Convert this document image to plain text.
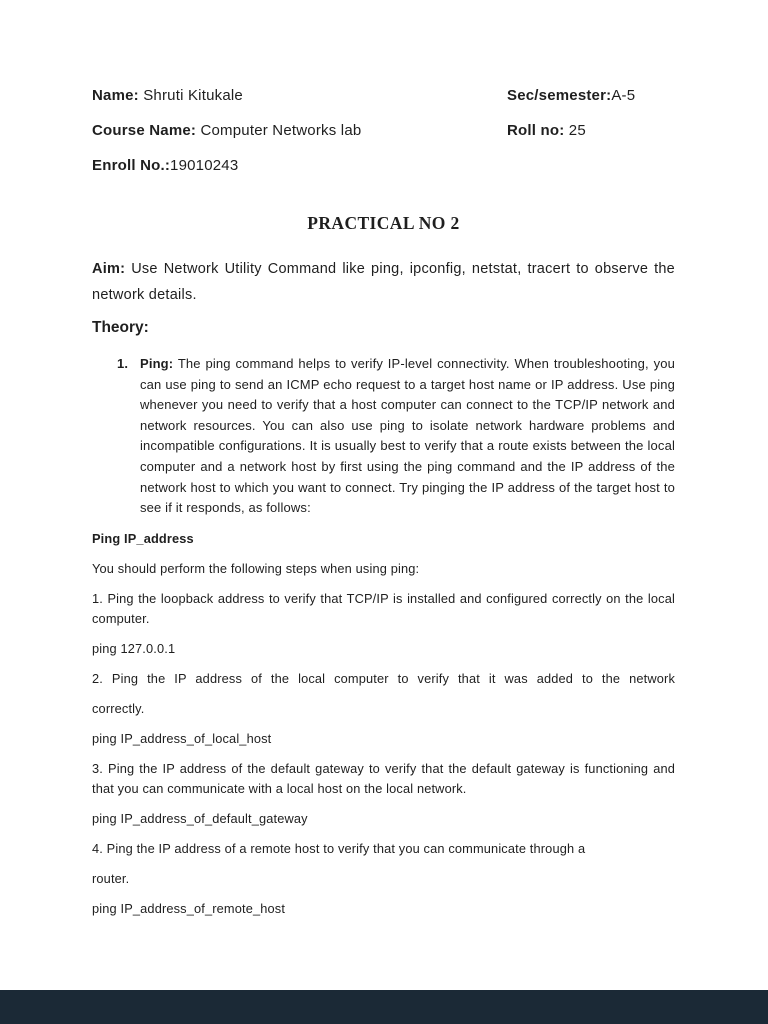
Name: Shruti Kitukale	Sec/semester:A-5
Course Name: Computer Networks lab	Roll no: 25
Enroll No.:19010243
PRACTICAL NO 2

Aim: Use Network Utility Command like ping, ipconfig, netstat, tracert to observe the network details.

Theory:
1. Ping: The ping command helps to verify IP-level connectivity. When troubleshooting, you can use ping to send an ICMP echo request to a target host name or IP address. Use ping whenever you need to verify that a host computer can connect to the TCP/IP network and network resources. You can also use ping to isolate network hardware problems and incompatible configurations. It is usually best to verify that a route exists between the local computer and a network host by first using the ping command and the IP address of the network host to which you want to connect. Try pinging the IP address of the target host to see if it responds, as follows:

Ping IP_address

You should perform the following steps when using ping:

1. Ping the loopback address to verify that TCP/IP is installed and configured correctly on the local computer.

ping 127.0.0.1

2. Ping the IP address of the local computer to verify that it was added to the network

correctly.

ping IP_address_of_local_host

3. Ping the IP address of the default gateway to verify that the default gateway is functioning and that you can communicate with a local host on the local network.

ping IP_address_of_default_gateway

4. Ping the IP address of a remote host to verify that you can communicate through a

router.

ping IP_address_of_remote_host
